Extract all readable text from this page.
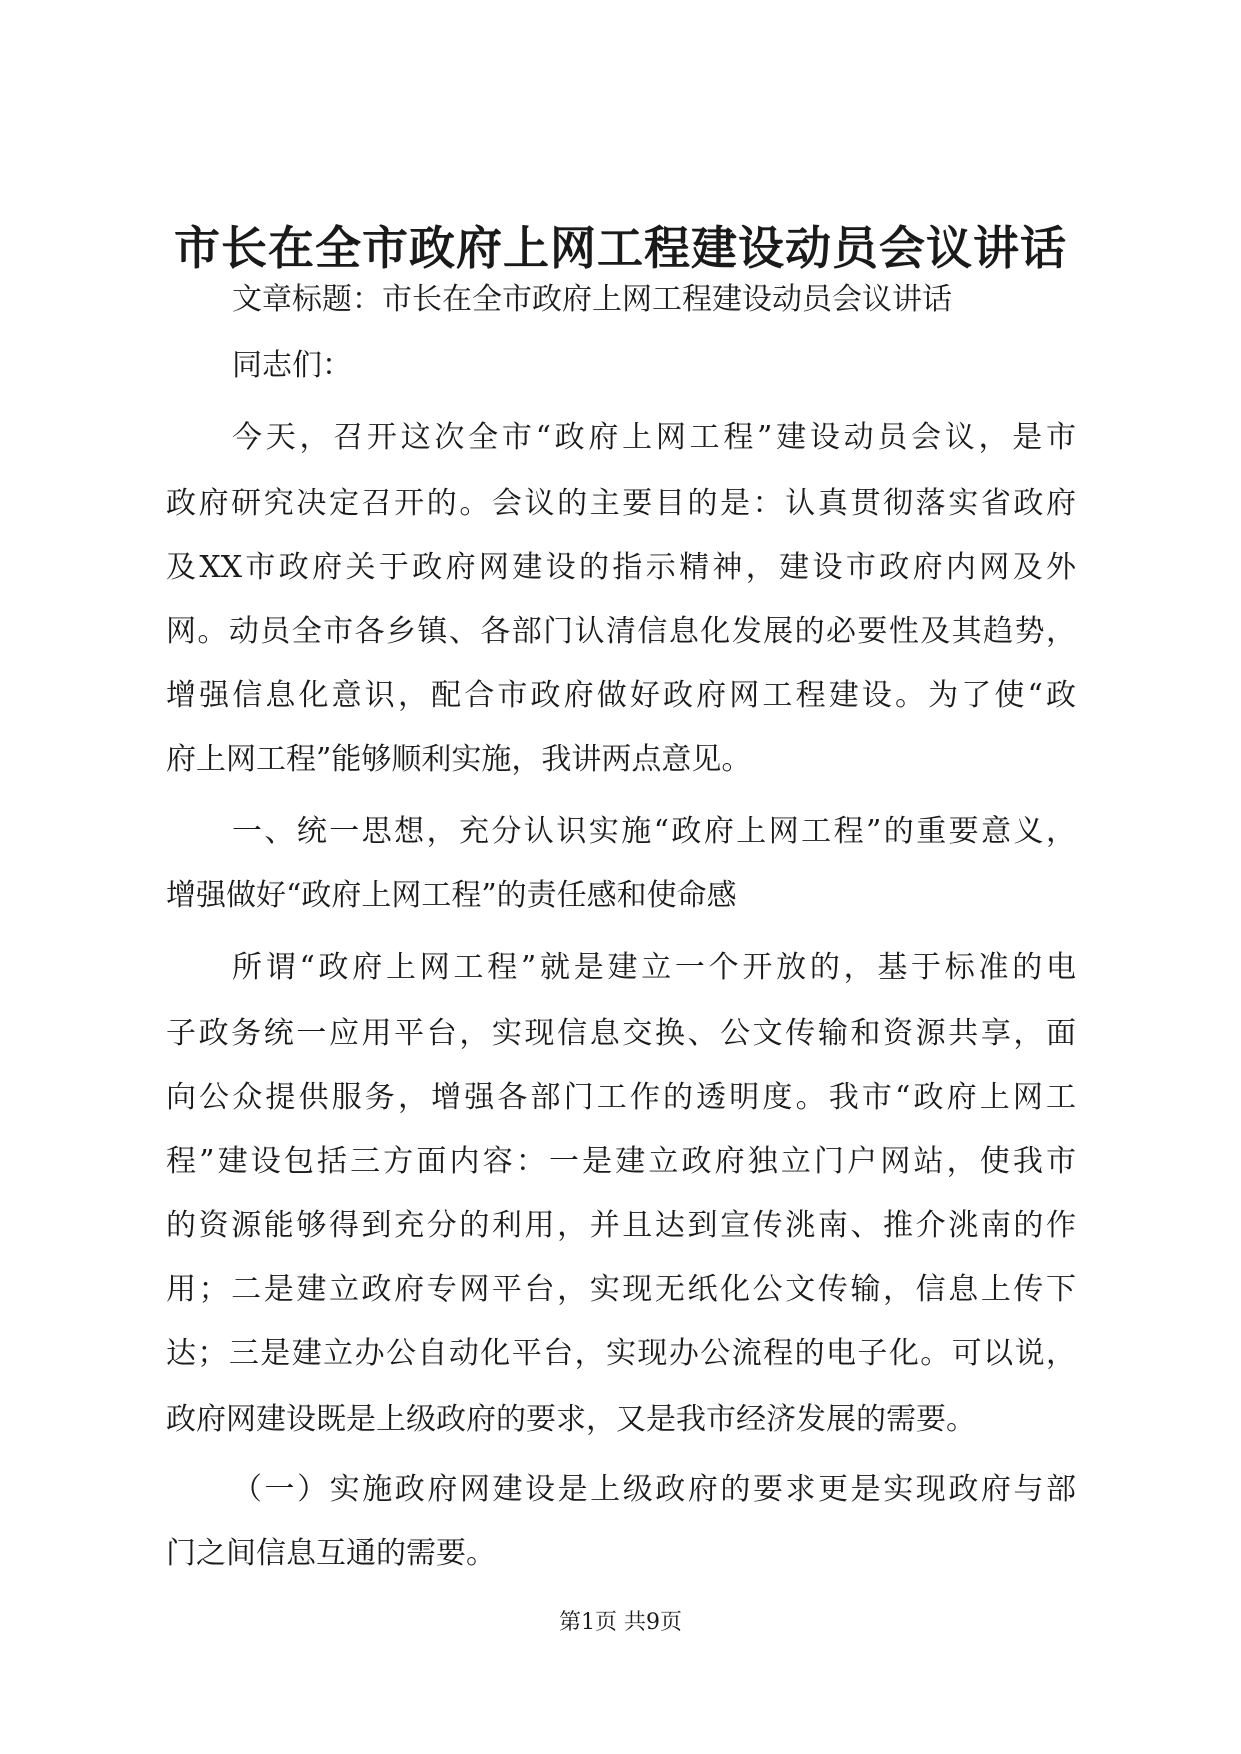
市长在全市政府上网工程建设动员会议讲话
文章标题：市长在全市政府上网工程建设动员会议讲话
同志们：
今天，召开这次全市“政府上网工程”建设动员会议，是市
政府研究决定召开的。会议的主要目的是：认真贯彻落实省政府
及XX市政府关于政府网建设的指示精神，建设市政府内网及外
网。动员全市各乡镇、各部门认清信息化发展的必要性及其趋势，
增强信息化意识，配合市政府做好政府网工程建设。为了使“政
府上网工程”能够顺利实施，我讲两点意见。
一、统一思想，充分认识实施“政府上网工程”的重要意义，
增强做好“政府上网工程”的责任感和使命感
所谓“政府上网工程”就是建立一个开放的，基于标准的电
子政务统一应用平台，实现信息交换、公文传输和资源共享，面
向公众提供服务，增强各部门工作的透明度。我市“政府上网工
程”建设包括三方面内容：一是建立政府独立门户网站，使我市
的资源能够得到充分的利用，并且达到宣传洮南、推介洮南的作
用；二是建立政府专网平台，实现无纸化公文传输，信息上传下
达；三是建立办公自动化平台，实现办公流程的电子化。可以说，
政府网建设既是上级政府的要求，又是我市经济发展的需要。
（一）实施政府网建设是上级政府的要求更是实现政府与部
门之间信息互通的需要。
第1页 共9页
